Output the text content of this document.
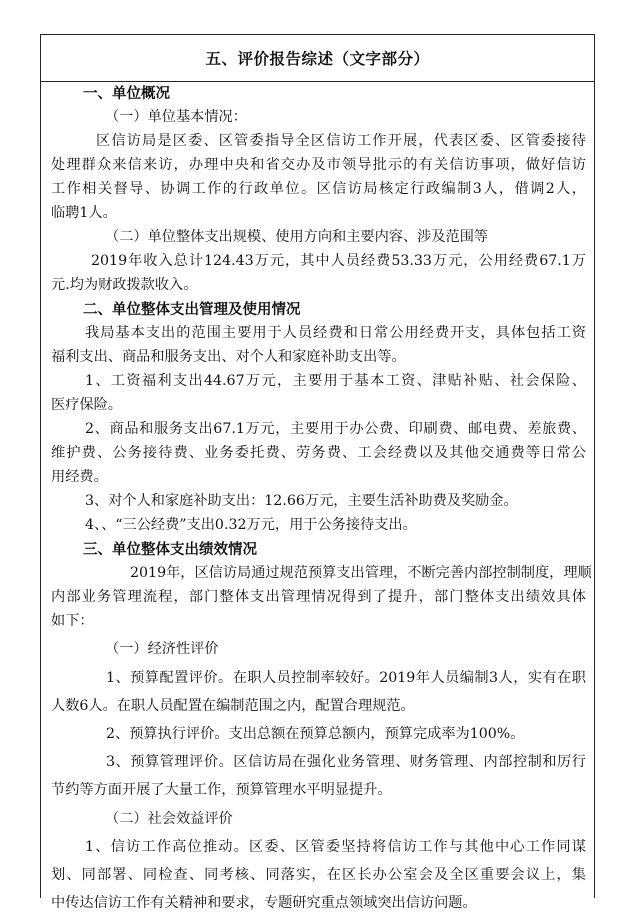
五、评价报告综述（文字部分）
一、单位概况
（一）单位基本情况：
区信访局是区委、区管委指导全区信访工作开展，代表区委、区管委接待
处理群众来信来访，办理中央和省交办及市领导批示的有关信访事项，做好信访
工作相关督导、协调工作的行政单位。区信访局核定行政编制3人，借调2人，
临聘1人。
（二）单位整体支出规模、使用方向和主要内容、涉及范围等
2019年收入总计124.43万元，其中人员经费53.33万元，公用经费67.1万
元.均为财政拨款收入。
二、单位整体支出管理及使用情况
我局基本支出的范围主要用于人员经费和日常公用经费开支，具体包括工资
福利支出、商品和服务支出、对个人和家庭补助支出等。
1、工资福利支出44.67万元，主要用于基本工资、津贴补贴、社会保险、
医疗保险。
2、商品和服务支出67.1万元，主要用于办公费、印刷费、邮电费、差旅费、
维护费、公务接待费、业务委托费、劳务费、工会经费以及其他交通费等日常公
用经费。
3、对个人和家庭补助支出：12.66万元，主要生活补助费及奖励金。
4、、“三公经费”支出0.32万元，用于公务接待支出。
三、单位整体支出绩效情况
2019年，区信访局通过规范预算支出管理，不断完善内部控制制度，理顺
内部业务管理流程，部门整体支出管理情况得到了提升，部门整体支出绩效具体
如下：
（一）经济性评价
1、预算配置评价。在职人员控制率较好。2019年人员编制3人，实有在职
人数6人。在职人员配置在编制范围之内，配置合理规范。
2、预算执行评价。支出总额在预算总额内，预算完成率为100%。
3、预算管理评价。区信访局在强化业务管理、财务管理、内部控制和厉行
节约等方面开展了大量工作，预算管理水平明显提升。
（二）社会效益评价
1、信访工作高位推动。区委、区管委坚持将信访工作与其他中心工作同谋
划、同部署、同检查、同考核、同落实，在区长办公室会及全区重要会议上，集
中传达信访工作有关精神和要求，专题研究重点领域突出信访问题。
